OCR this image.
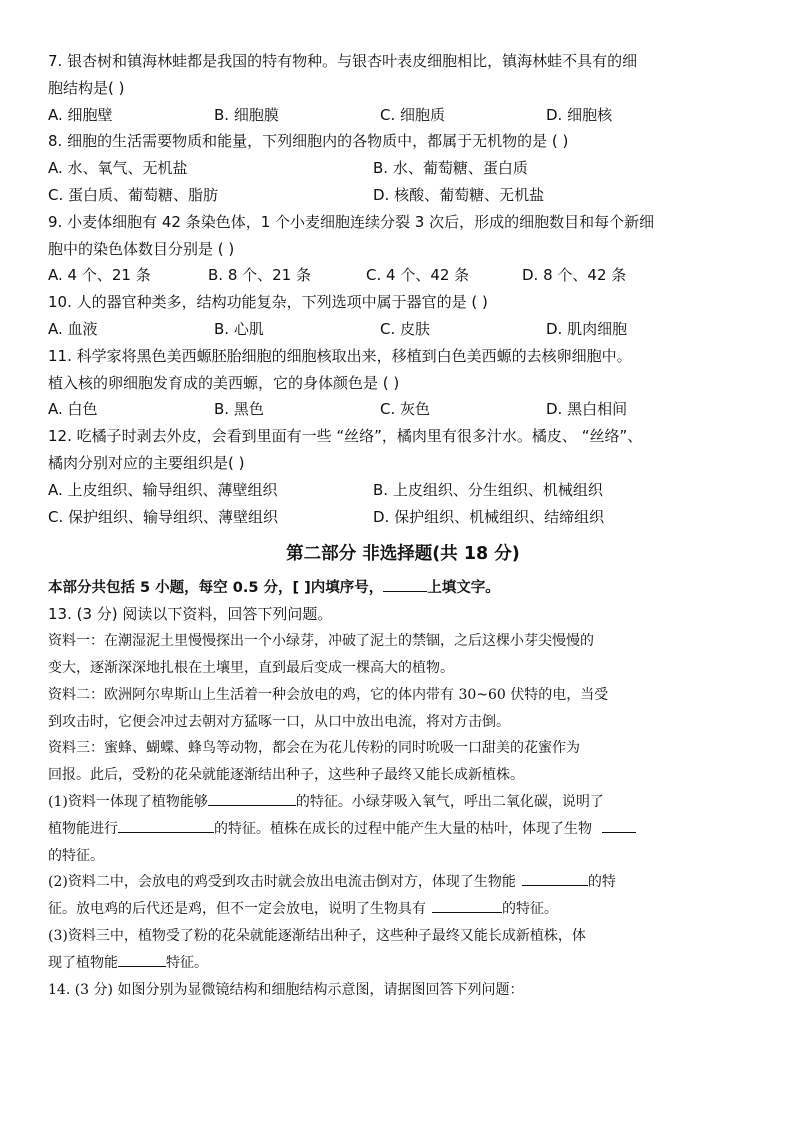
7. 银杏树和镇海林蛙都是我国的特有物种。与银杏叶表皮细胞相比，镇海林蛙不具有的细
胞结构是( )
A. 细胞壁	B. 细胞膜	C. 细胞质	D. 细胞核
8. 细胞的生活需要物质和能量，下列细胞内的各物质中，都属于无机物的是 ( )
A. 水、氧气、无机盐	B. 水、葡萄糖、蛋白质
C. 蛋白质、葡萄糖、脂肪	D. 核酸、葡萄糖、无机盐
9. 小麦体细胞有 42 条染色体，1 个小麦细胞连续分裂 3 次后，形成的细胞数目和每个新细
胞中的染色体数目分别是 ( )
A. 4 个、21 条	B. 8 个、21 条	C. 4 个、42 条	D. 8 个、42 条
10. 人的器官种类多，结构功能复杂，下列选项中属于器官的是 ( )
A. 血液	B. 心肌	C. 皮肤	D. 肌肉细胞
11. 科学家将黑色美西螈胚胎细胞的细胞核取出来，移植到白色美西螈的去核卵细胞中。
植入核的卵细胞发育成的美西螈，它的身体颜色是 ( )
A. 白色	B. 黑色	C. 灰色	D. 黑白相间
12. 吃橘子时剥去外皮，会看到里面有一些 “丝络”，橘肉里有很多汁水。橘皮、 “丝络”、
橘肉分别对应的主要组织是( )
A. 上皮组织、输导组织、薄壁组织	B. 上皮组织、分生组织、机械组织
C. 保护组织、输导组织、薄壁组织	D. 保护组织、机械组织、结缔组织
第二部分 非选择题(共 18 分)
本部分共包括 5 小题，每空 0.5 分，[ ]内填序号，	上填文字。
13. (3 分) 阅读以下资料，回答下列问题。
资料一：在潮湿泥土里慢慢探出一个小绿芽，冲破了泥土的禁锢，之后这棵小芽尖慢慢的
变大，逐渐深深地扎根在土壤里，直到最后变成一棵高大的植物。
资料二：欧洲阿尔卑斯山上生活着一种会放电的鸡，它的体内带有 30~60 伏特的电，当受
到攻击时，它便会冲过去朝对方猛啄一口，从口中放出电流，将对方击倒。
资料三：蜜蜂、蝴蝶、蜂鸟等动物，都会在为花儿传粉的同时吮吸一口甜美的花蜜作为
回报。此后，受粉的花朵就能逐渐结出种子，这些种子最终又能长成新植株。
(1)资料一体现了植物能够	的特征。小绿芽吸入氧气，呼出二氧化碳，说明了
植物能进行	的特征。植株在成长的过程中能产生大量的枯叶，体现了生物
的特征。
(2)资料二中，会放电的鸡受到攻击时就会放出电流击倒对方，体现了生物能	的特
征。放电鸡的后代还是鸡，但不一定会放电，说明了生物具有	的特征。
(3)资料三中，植物受了粉的花朵就能逐渐结出种子，这些种子最终又能长成新植株，体
现了植物能	特征。
14. (3 分) 如图分别为显微镜结构和细胞结构示意图，请据图回答下列问题：
